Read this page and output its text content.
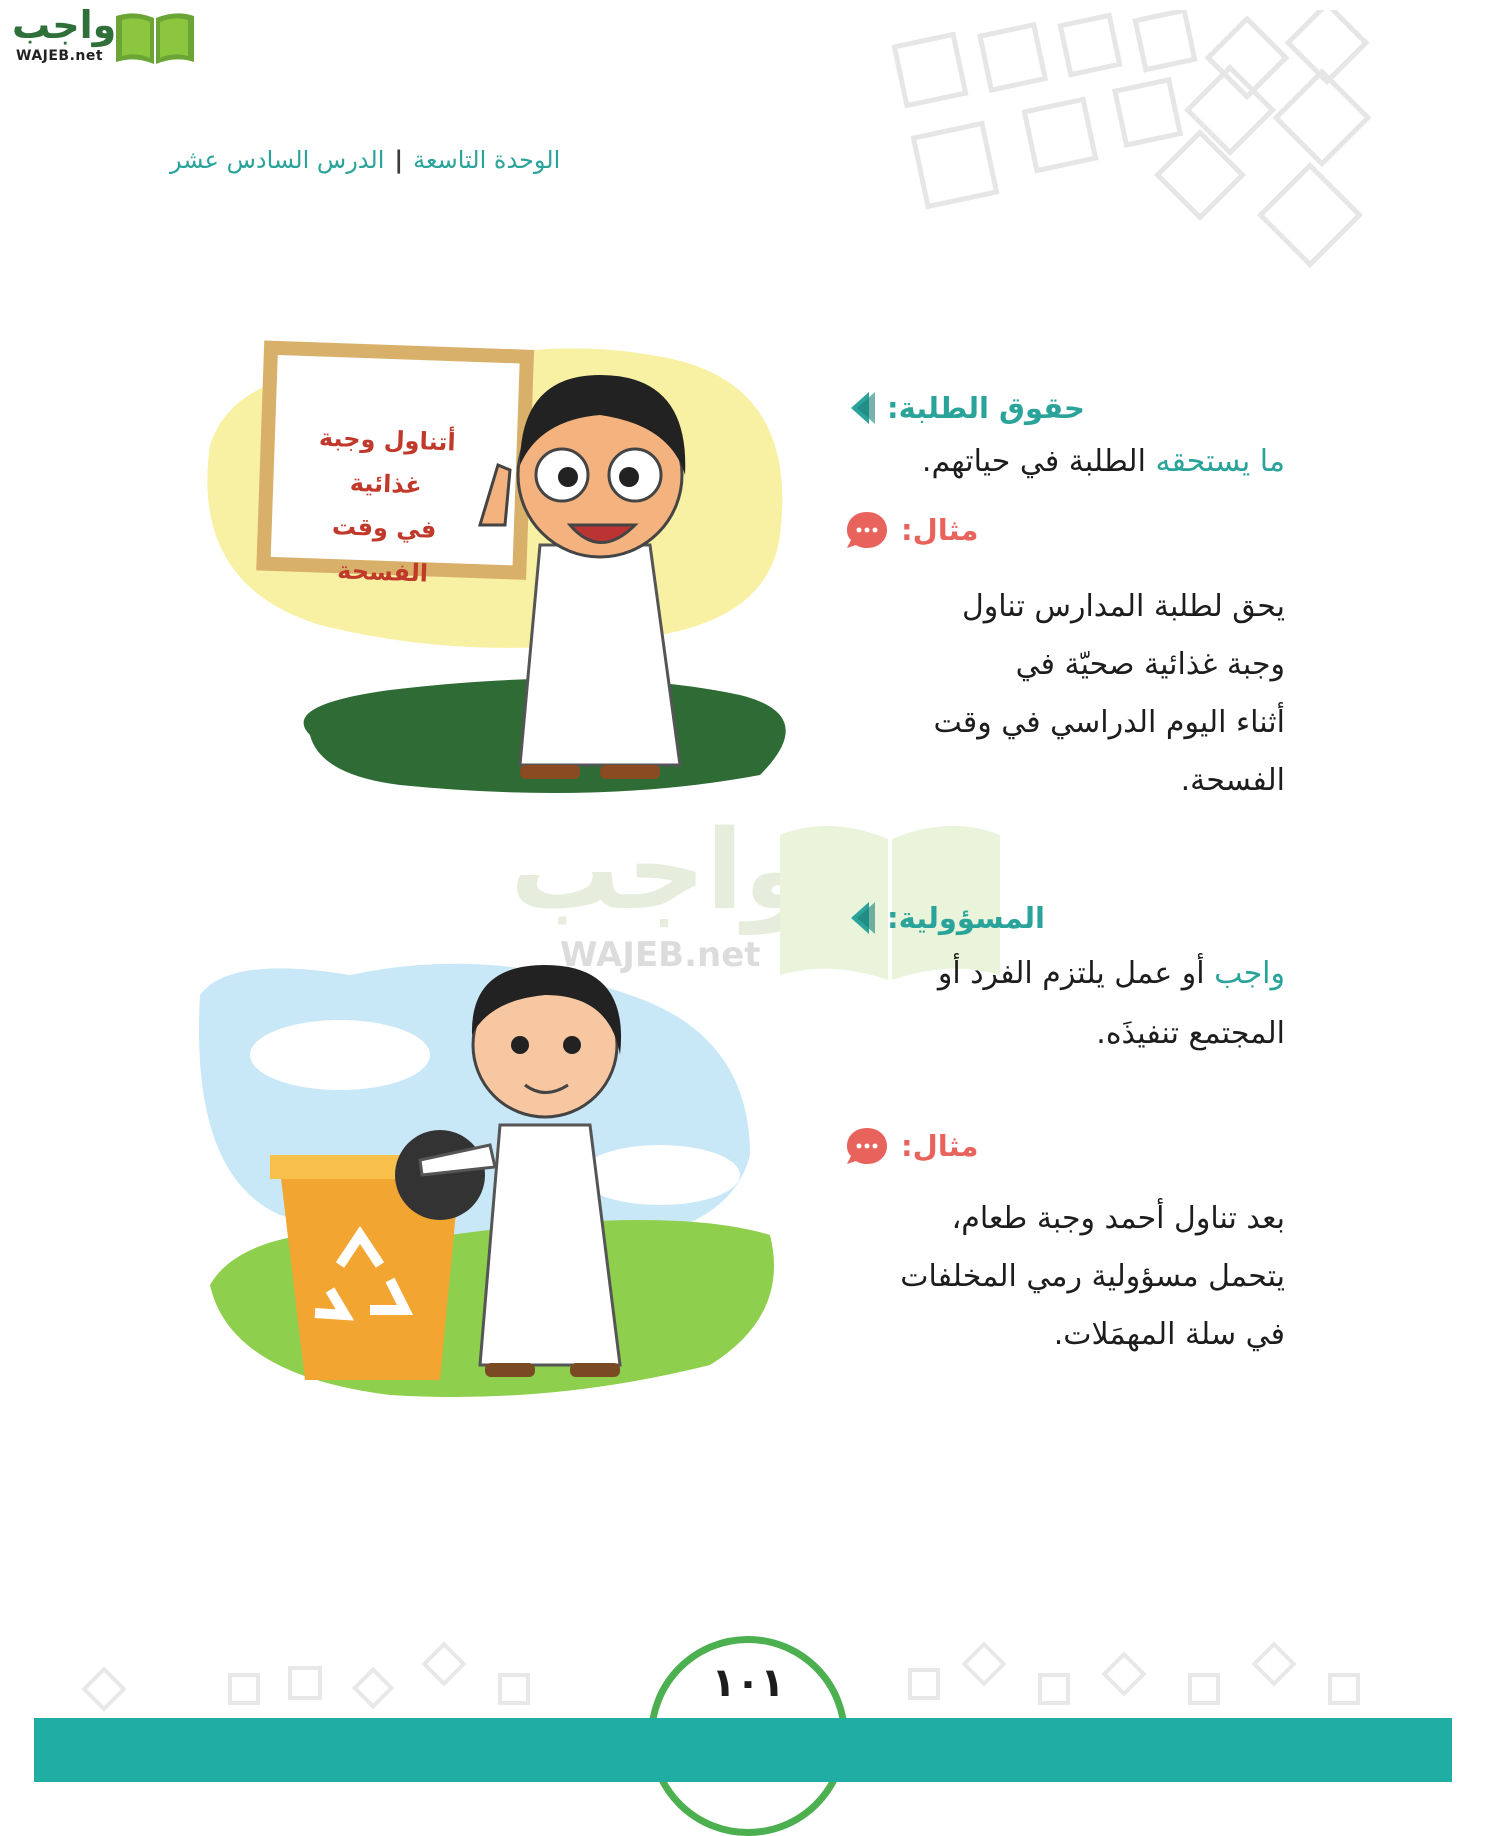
واجب
WAJEB.net
الوحدة التاسعة|الدرس السادس عشر
أتناول وجبة غذائية
في وقت الفسحة
واجب
WAJEB.net
حقوق الطلبة:
ما يستحقه الطلبة في حياتهم.
مثال:
يحق لطلبة المدارس تناول
وجبة غذائية صحيّة في
أثناء اليوم الدراسي في وقت
الفسحة.
المسؤولية:
واجب أو عمل يلتزم الفرد أو المجتمع تنفيذَه.
مثال:
بعد تناول أحمد وجبة طعام،
يتحمل مسؤولية رمي المخلفات
في سلة المهمَلات.
١٠١
